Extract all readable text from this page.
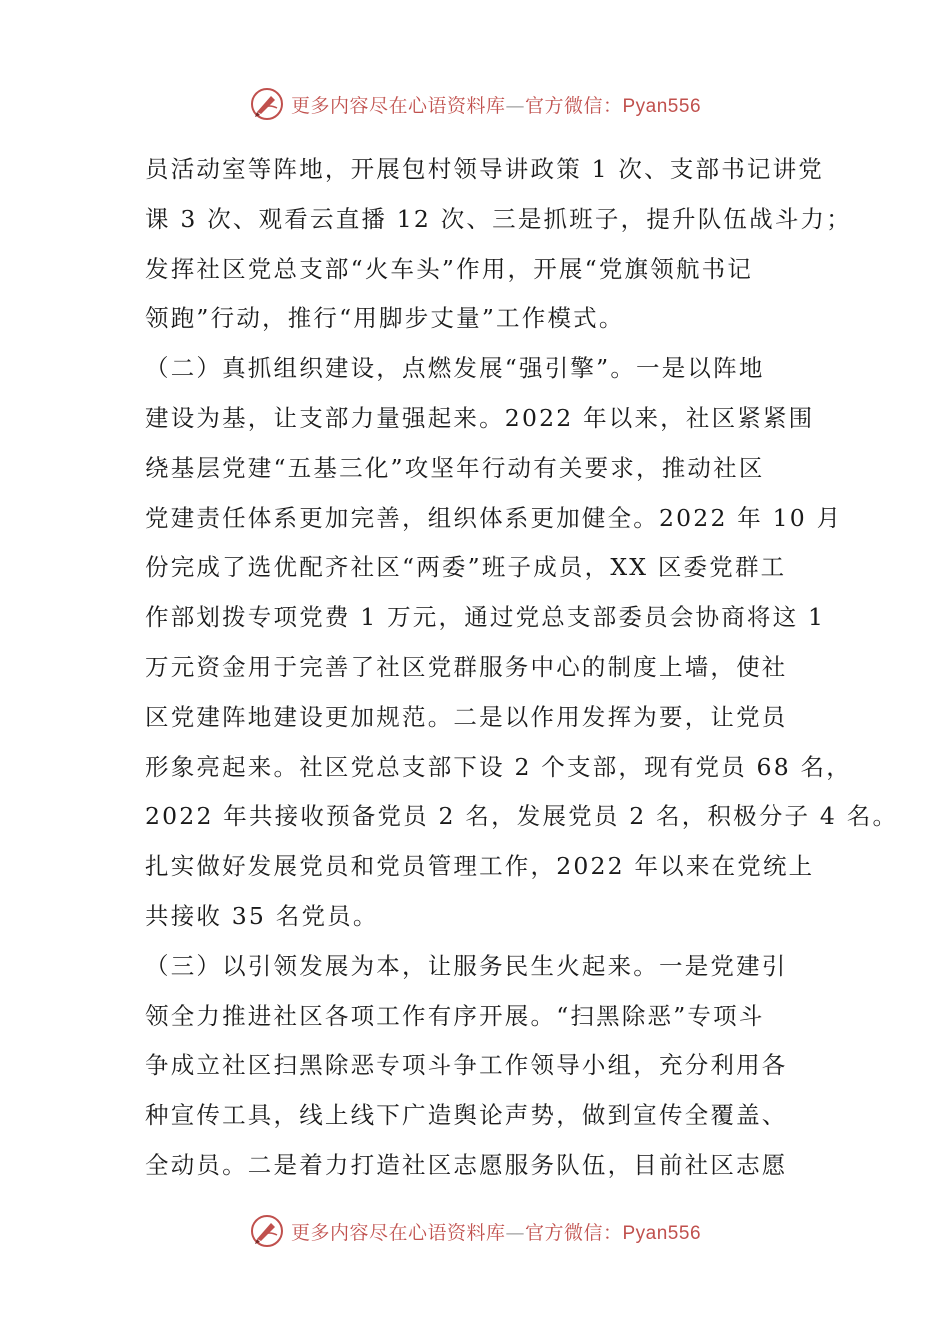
更多内容尽在心语资料库—官方微信：Pyan556
员活动室等阵地，开展包村领导讲政策 1 次、支部书记讲党
课 3 次、观看云直播 12 次、三是抓班子，提升队伍战斗力；
发挥社区党总支部“火车头”作用，开展“党旗领航书记
领跑”行动，推行“用脚步丈量”工作模式。
（二）真抓组织建设，点燃发展“强引擎”。一是以阵地
建设为基，让支部力量强起来。2022 年以来，社区紧紧围
绕基层党建“五基三化”攻坚年行动有关要求，推动社区
党建责任体系更加完善，组织体系更加健全。2022 年 10 月
份完成了选优配齐社区“两委”班子成员，XX 区委党群工
作部划拨专项党费 1 万元，通过党总支部委员会协商将这 1
万元资金用于完善了社区党群服务中心的制度上墙，使社
区党建阵地建设更加规范。二是以作用发挥为要，让党员
形象亮起来。社区党总支部下设 2 个支部，现有党员 68 名，
2022 年共接收预备党员 2 名，发展党员 2 名，积极分子 4 名。
扎实做好发展党员和党员管理工作，2022 年以来在党统上
共接收 35 名党员。
（三）以引领发展为本，让服务民生火起来。一是党建引
领全力推进社区各项工作有序开展。“扫黑除恶”专项斗
争成立社区扫黑除恶专项斗争工作领导小组，充分利用各
种宣传工具，线上线下广造舆论声势，做到宣传全覆盖、
全动员。二是着力打造社区志愿服务队伍，目前社区志愿
更多内容尽在心语资料库—官方微信：Pyan556
